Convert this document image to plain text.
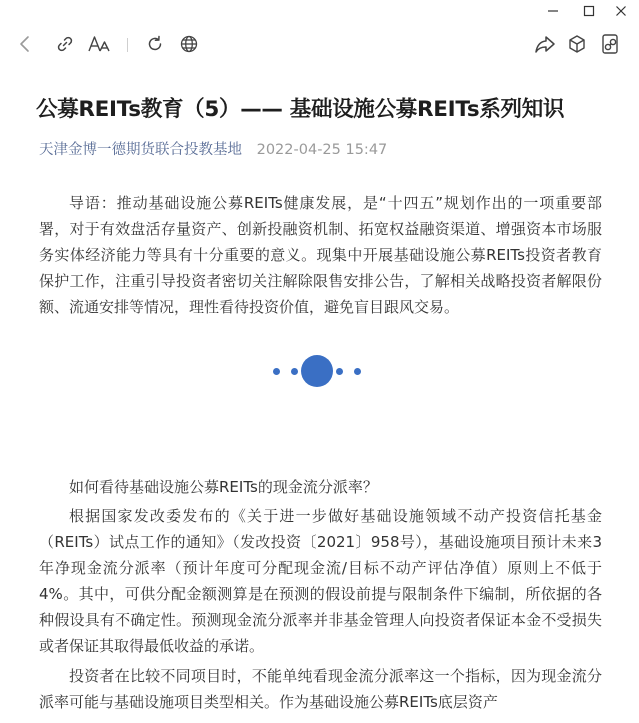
公募REITs教育（5）—— 基础设施公募REITs系列知识
天津金博一德期货联合投教基地 2022-04-25 15:47

导语：推动基础设施公募REITs健康发展，是“十四五”规划作出的一项重要部署，对于有效盘活存量资产、创新投融资机制、拓宽权益融资渠道、增强资本市场服务实体经济能力等具有十分重要的意义。现集中开展基础设施公募REITs投资者教育保护工作，注重引导投资者密切关注解除限售安排公告，了解相关战略投资者解限份额、流通安排等情况，理性看待投资价值，避免盲目跟风交易。

如何看待基础设施公募REITs的现金流分派率？

根据国家发改委发布的《关于进一步做好基础设施领域不动产投资信托基金（REITs）试点工作的通知》（发改投资〔2021〕958号），基础设施项目预计未来3年净现金流分派率（预计年度可分配现金流/目标不动产评估净值）原则上不低于4%。其中，可供分配金额测算是在预测的假设前提与限制条件下编制，所依据的各种假设具有不确定性。预测现金流分派率并非基金管理人向投资者保证本金不受损失或者保证其取得最低收益的承诺。

投资者在比较不同项目时，不能单纯看现金流分派率这一个指标，因为现金流分派率可能与基础设施项目类型相关。作为基础设施公募REITs底层资产
